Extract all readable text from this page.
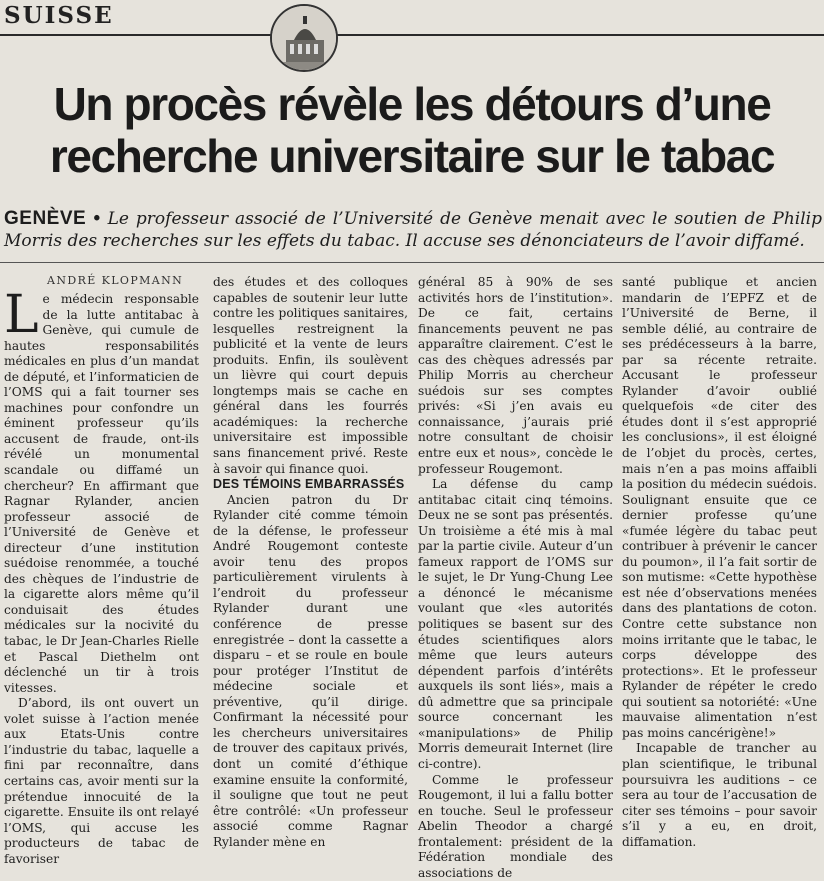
SUISSE
Un procès révèle les détours d’une recherche universitaire sur le tabac
GENÈVE • Le professeur associé de l’Université de Genève menait avec le soutien de Philip Morris des recherches sur les effets du tabac. Il accuse ses dénonciateurs de l’avoir diffamé.
ANDRÉ KLOPMANN

Le médecin responsable de la lutte antitabac à Genève, qui cumule de hautes responsabilités médicales en plus d’un mandat de député, et l’informaticien de l’OMS qui a fait tourner ses machines pour confondre un éminent professeur qu’ils accusent de fraude, ont-ils révélé un monumental scandale ou diffamé un chercheur? En affirmant que Ragnar Rylander, ancien professeur associé de l’Université de Genève et directeur d’une institution suédoise renommée, a touché des chèques de l’industrie de la cigarette alors même qu’il conduisait des études médicales sur la nocivité du tabac, le Dr Jean-Charles Rielle et Pascal Diethelm ont déclenché un tir à trois vitesses.

D’abord, ils ont ouvert un volet suisse à l’action menée aux Etats-Unis contre l’industrie du tabac, laquelle a fini par reconnaître, dans certains cas, avoir menti sur la prétendue innocuité de la cigarette. Ensuite ils ont relayé l’OMS, qui accuse les producteurs de tabac de favoriser

des études et des colloques capables de soutenir leur lutte contre les politiques sanitaires, lesquelles restreignent la publicité et la vente de leurs produits. Enfin, ils soulèvent un lièvre qui court depuis longtemps mais se cache en général dans les fourrés académiques: la recherche universitaire est impossible sans financement privé. Reste à savoir qui finance quoi.

DES TÉMOINS EMBARRASSÉS

Ancien patron du Dr Rylander cité comme témoin de la défense, le professeur André Rougemont conteste avoir tenu des propos particulièrement virulents à l’endroit du professeur Rylander durant une conférence de presse enregistrée – dont la cassette a disparu – et se roule en boule pour protéger l’Institut de médecine sociale et préventive, qu’il dirige. Confirmant la nécessité pour les chercheurs universitaires de trouver des capitaux privés, dont un comité d’éthique examine ensuite la conformité, il souligne que tout ne peut être contrôlé: «Un professeur associé comme Ragnar Rylander mène en

général 85 à 90% de ses activités hors de l’institution». De ce fait, certains financements peuvent ne pas apparaître clairement. C’est le cas des chèques adressés par Philip Morris au chercheur suédois sur ses comptes privés: «Si j’en avais eu connaissance, j’aurais prié notre consultant de choisir entre eux et nous», concède le professeur Rougemont.

La défense du camp antitabac citait cinq témoins. Deux ne se sont pas présentés. Un troisième a été mis à mal par la partie civile. Auteur d’un fameux rapport de l’OMS sur le sujet, le Dr Yung-Chung Lee a dénoncé le mécanisme voulant que «les autorités politiques se basent sur des études scientifiques alors même que leurs auteurs dépendent parfois d’intérêts auxquels ils sont liés», mais a dû admettre que sa principale source concernant les «manipulations» de Philip Morris demeurait Internet (lire ci-contre).

Comme le professeur Rougemont, il lui a fallu botter en touche. Seul le professeur Abelin Theodor a chargé frontalement: président de la Fédération mondiale des associations de

santé publique et ancien mandarin de l’EPFZ et de l’Université de Berne, il semble délié, au contraire de ses prédécesseurs à la barre, par sa récente retraite. Accusant le professeur Rylander d’avoir oublié quelquefois «de citer des études dont il s’est approprié les conclusions», il est éloigné de l’objet du procès, certes, mais n’en a pas moins affaibli la position du médecin suédois. Soulignant ensuite que ce dernier professe qu’une «fumée légère du tabac peut contribuer à prévenir le cancer du poumon», il l’a fait sortir de son mutisme: «Cette hypothèse est née d’observations menées dans des plantations de coton. Contre cette substance non moins irritante que le tabac, le corps développe des protections». Et le professeur Rylander de répéter le credo qui soutient sa notoriété: «Une mauvaise alimentation n’est pas moins cancérigène!»

Incapable de trancher au plan scientifique, le tribunal poursuivra les auditions – ce sera au tour de l’accusation de citer ses témoins – pour savoir s’il y a eu, en droit, diffamation.
